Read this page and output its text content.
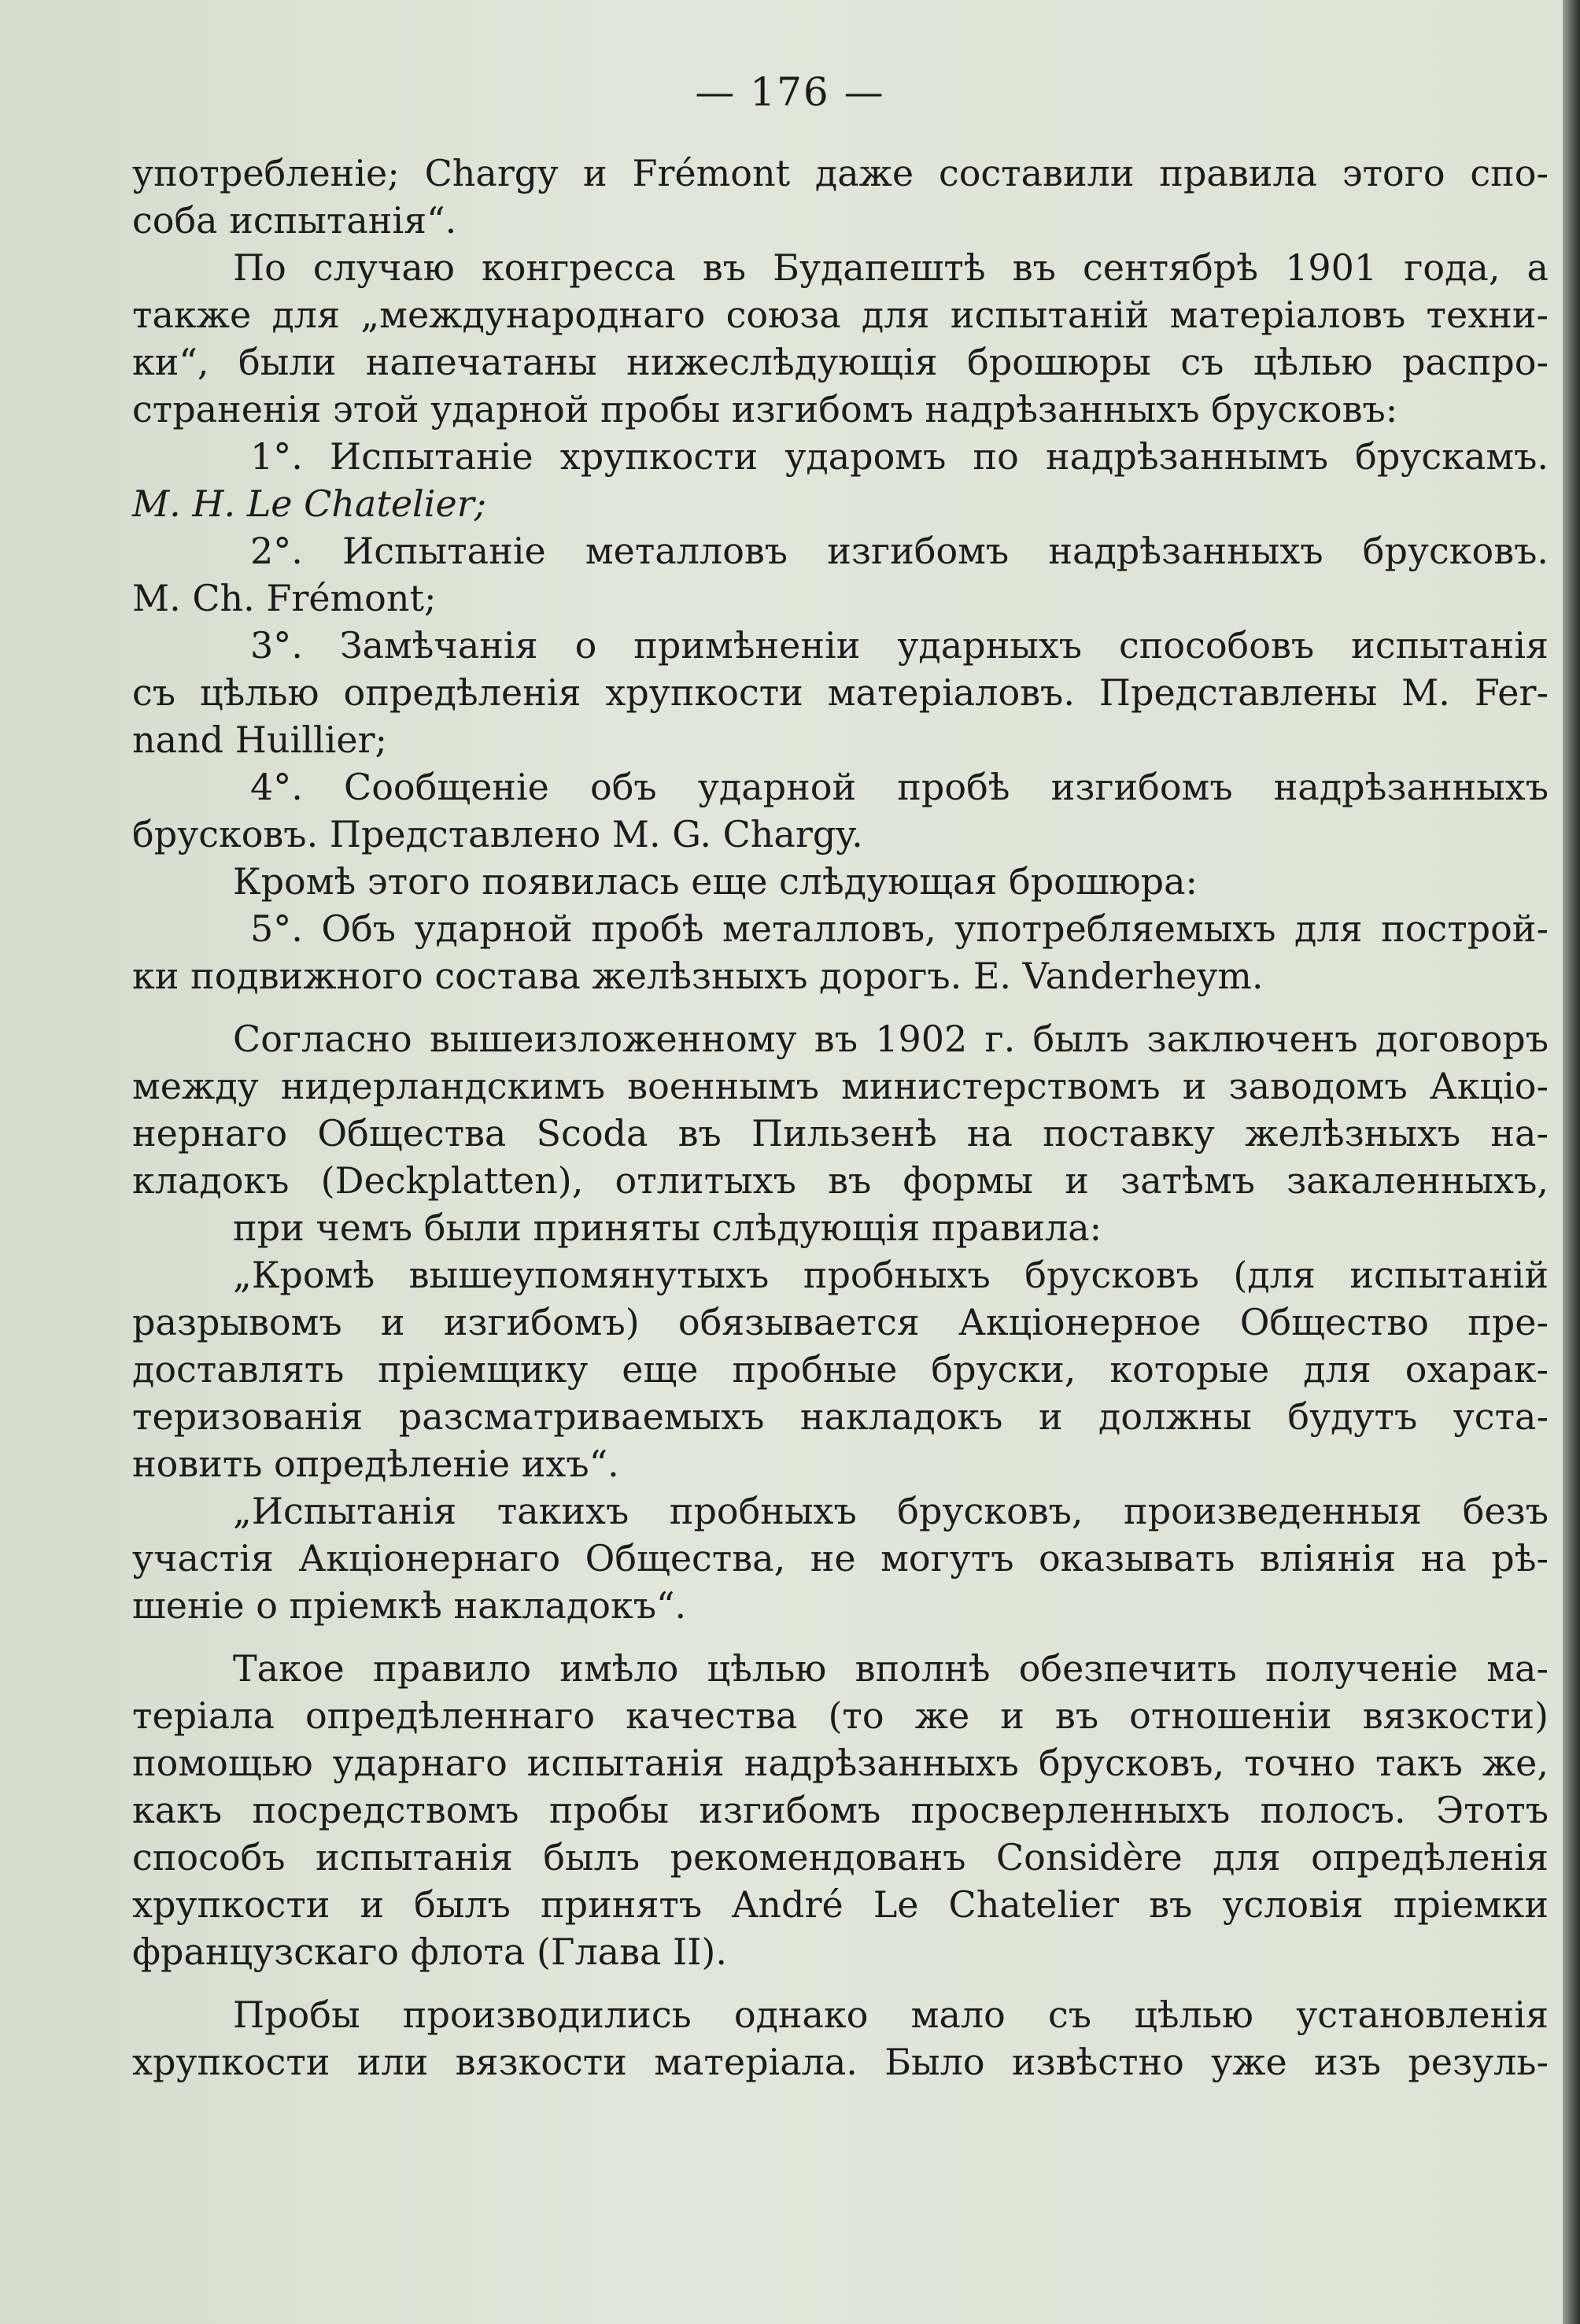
— 176 —
употребленіе; Chargy и Frémont даже составили правила этого спо-
соба испытанія“.
По случаю конгресса въ Будапештѣ въ сентябрѣ 1901 года, а
также для „международнаго союза для испытаній матеріаловъ техни-
ки“, были напечатаны нижеслѣдующія брошюры съ цѣлью распро-
страненія этой ударной пробы изгибомъ надрѣзанныхъ брусковъ:
1°. Испытаніе хрупкости ударомъ по надрѣзаннымъ брускамъ.
M. H. Le Chatelier;
2°. Испытаніе металловъ изгибомъ надрѣзанныхъ брусковъ.
M. Ch. Frémont;
3°. Замѣчанія о примѣненіи ударныхъ способовъ испытанія
съ цѣлью опредѣленія хрупкости матеріаловъ. Представлены M. Fer-
nand Huillier;
4°. Сообщеніе объ ударной пробѣ изгибомъ надрѣзанныхъ
брусковъ. Представлено M. G. Chargy.
Кромѣ этого появилась еще слѣдующая брошюра:
5°. Объ ударной пробѣ металловъ, употребляемыхъ для построй-
ки подвижного состава желѣзныхъ дорогъ. E. Vanderheym.
Согласно вышеизложенному въ 1902 г. былъ заключенъ договоръ
между нидерландскимъ военнымъ министерствомъ и заводомъ Акціо-
нернаго Общества Scoda въ Пильзенѣ на поставку желѣзныхъ на-
кладокъ (Deckplatten), отлитыхъ въ формы и затѣмъ закаленныхъ,
при чемъ были приняты слѣдующія правила:
„Кромѣ вышеупомянутыхъ пробныхъ брусковъ (для испытаній
разрывомъ и изгибомъ) обязывается Акціонерное Общество пре-
доставлять пріемщику еще пробные бруски, которые для охарак-
теризованія разсматриваемыхъ накладокъ и должны будутъ уста-
новить опредѣленіе ихъ“.
„Испытанія такихъ пробныхъ брусковъ, произведенныя безъ
участія Акціонернаго Общества, не могутъ оказывать вліянія на рѣ-
шеніе о пріемкѣ накладокъ“.
Такое правило имѣло цѣлью вполнѣ обезпечить полученіе ма-
теріала опредѣленнаго качества (то же и въ отношеніи вязкости)
помощью ударнаго испытанія надрѣзанныхъ брусковъ, точно такъ же,
какъ посредствомъ пробы изгибомъ просверленныхъ полосъ. Этотъ
способъ испытанія былъ рекомендованъ Considère для опредѣленія
хрупкости и былъ принятъ André Le Chatelier въ условія пріемки
французскаго флота (Глава II).
Пробы производились однако мало съ цѣлью установленія
хрупкости или вязкости матеріала. Было извѣстно уже изъ резуль-
